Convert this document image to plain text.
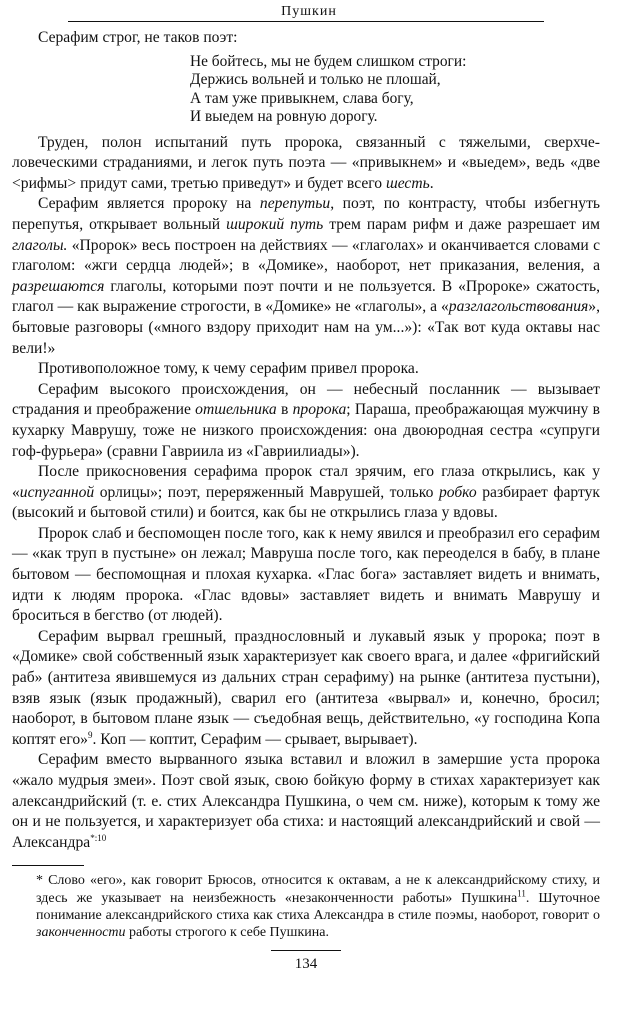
Пушкин

Серафим строг, не таков поэт:

Не бойтесь, мы не будем слишком строги:
Держись вольней и только не плошай,
А там уже привыкнем, слава богу,
И выедем на ровную дорогу.

Труден, полон испытаний путь пророка, связанный с тяжелыми, сверхчеловеческими страданиями, и легок путь поэта — «привыкнем» и «выедем», ведь «две <рифмы> придут сами, третью приведут» и будет всего шесть.

Серафим является пророку на перепутьи, поэт, по контрасту, чтобы избегнуть перепутья, открывает вольный широкий путь трем парам рифм и даже разрешает им глаголы. «Пророк» весь построен на действиях — «глаголах» и оканчивается словами с глаголом: «жги сердца людей»; в «Домике», наоборот, нет приказания, веления, а разрешаются глаголы, которыми поэт почти и не пользуется. В «Пророке» сжатость, глагол — как выражение строгости, в «Домике» не «глаголы», а «разглагольствования», бытовые разговоры («много вздору приходит нам на ум...»): «Так вот куда октавы нас вели!»

Противоположное тому, к чему серафим привел пророка.

Серафим высокого происхождения, он — небесный посланник — вызывает страдания и преображение отшельника в пророка; Параша, преображающая мужчину в кухарку Маврушу, тоже не низкого происхождения: она двоюродная сестра «супруги гоф-фурьера» (сравни Гавриила из «Гавриилиады»).

После прикосновения серафима пророк стал зрячим, его глаза открылись, как у «испуганной орлицы»; поэт, переряженный Маврушей, только робко разбирает фартук (высокий и бытовой стили) и боится, как бы не открылись глаза у вдовы.

Пророк слаб и беспомощен после того, как к нему явился и преобразил его серафим — «как труп в пустыне» он лежал; Мавруша после того, как переоделся в бабу, в плане бытовом — беспомощная и плохая кухарка. «Глас бога» заставляет видеть и внимать, идти к людям пророка. «Глас вдовы» заставляет видеть и внимать Маврушу и броситься в бегство (от людей).

Серафим вырвал грешный, празднословный и лукавый язык у пророка; поэт в «Домике» свой собственный язык характеризует как своего врага, и далее «фригийский раб» (антитеза явившемуся из дальних стран серафиму) на рынке (антитеза пустыни), взяв язык (язык продажный), сварил его (антитеза «вырвал» и, конечно, бросил; наоборот, в бытовом плане язык — съедобная вещь, действительно, «у господина Копа коптят его»$^9$. Коп — коптит, Серафим — срывает, вырывает).

Серафим вместо вырванного языка вставил и вложил в замершие уста пророка «жало мудрыя змеи». Поэт свой язык, свою бойкую форму в стихах характеризует как александрийский (т. е. стих Александра Пушкина, о чем см. ниже), которым к тому же он и не пользуется, и характеризует оба стиха: и настоящий александрийский и свой — Александра$^{*:10}$

* Слово «его», как говорит Брюсов, относится к октавам, а не к александрийскому стиху, и здесь же указывает на неизбежность «незаконченности работы» Пушкина$^{11}$. Шуточное понимание александрийского стиха как стиха Александра в стиле поэмы, наоборот, говорит о законченности работы строгого к себе Пушкина.

134
